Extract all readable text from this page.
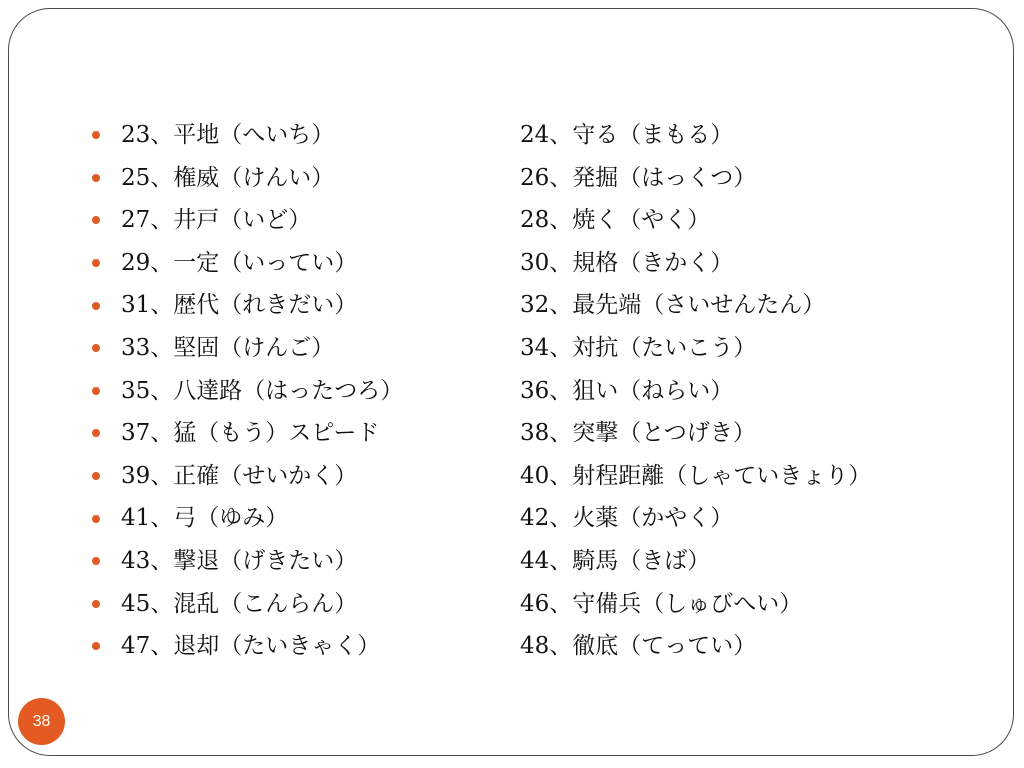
23、平地（へいち）	24、守る（まもる）
25、権威（けんい）	26、発掘（はっくつ）
27、井戸（いど）	28、焼く（やく）
29、一定（いってい）	30、規格（きかく）
31、歴代（れきだい）	32、最先端（さいせんたん）
33、堅固（けんご）	34、対抗（たいこう）
35、八達路（はったつろ）	36、狙い（ねらい）
37、猛（もう）スピード	38、突撃（とつげき）
39、正確（せいかく）	40、射程距離（しゃていきょり）
41、弓（ゆみ）	42、火薬（かやく）
43、撃退（げきたい）	44、騎馬（きば）
45、混乱（こんらん）	46、守備兵（しゅびへい）
47、退却（たいきゃく）	48、徹底（てってい）
38
